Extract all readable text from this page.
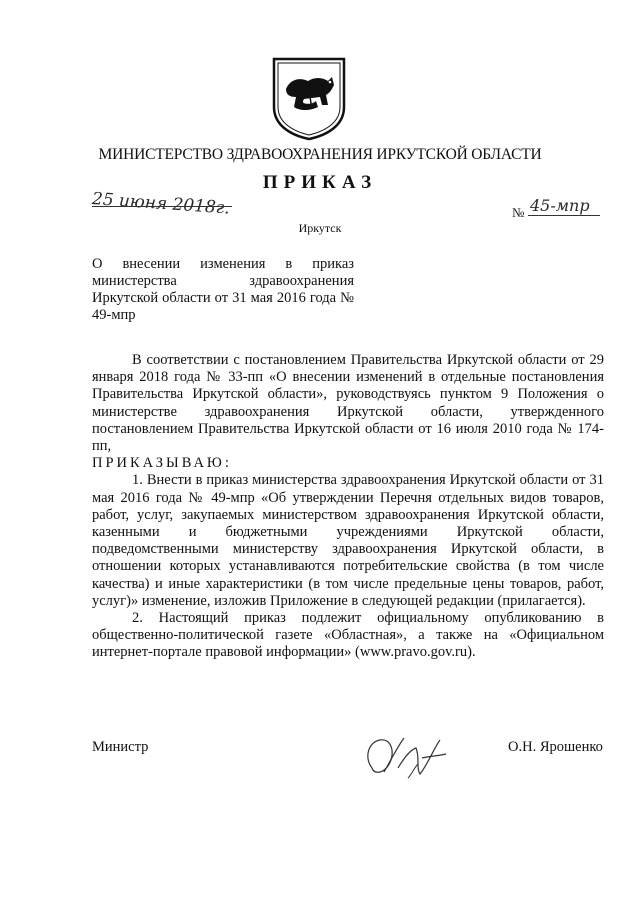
МИНИСТЕРСТВО ЗДРАВООХРАНЕНИЯ ИРКУТСКОЙ ОБЛАСТИ
ПРИКАЗ
25 июня 2018г.	№ 45-мпр
Иркутск
О внесении изменения в приказ министерства здравоохранения Иркутской области от 31 мая 2016 года № 49-мпр

В соответствии с постановлением Правительства Иркутской области от 29 января 2018 года № 33-пп «О внесении изменений в отдельные постановления Правительства Иркутской области», руководствуясь пунктом 9 Положения о министерстве здравоохранения Иркутской области, утвержденного постановлением Правительства Иркутской области от 16 июля 2010 года № 174-пп,

ПРИКАЗЫВАЮ:

1. Внести в приказ министерства здравоохранения Иркутской области от 31 мая 2016 года № 49-мпр «Об утверждении Перечня отдельных видов товаров, работ, услуг, закупаемых министерством здравоохранения Иркутской области, казенными и бюджетными учреждениями Иркутской области, подведомственными министерству здравоохранения Иркутской области, в отношении которых устанавливаются потребительские свойства (в том числе качества) и иные характеристики (в том числе предельные цены товаров, работ, услуг)» изменение, изложив Приложение в следующей редакции (прилагается).

2. Настоящий приказ подлежит официальному опубликованию в общественно-политической газете «Областная», а также на «Официальном интернет-портале правовой информации» (www.pravo.gov.ru).

Министр	О.Н. Ярошенко
